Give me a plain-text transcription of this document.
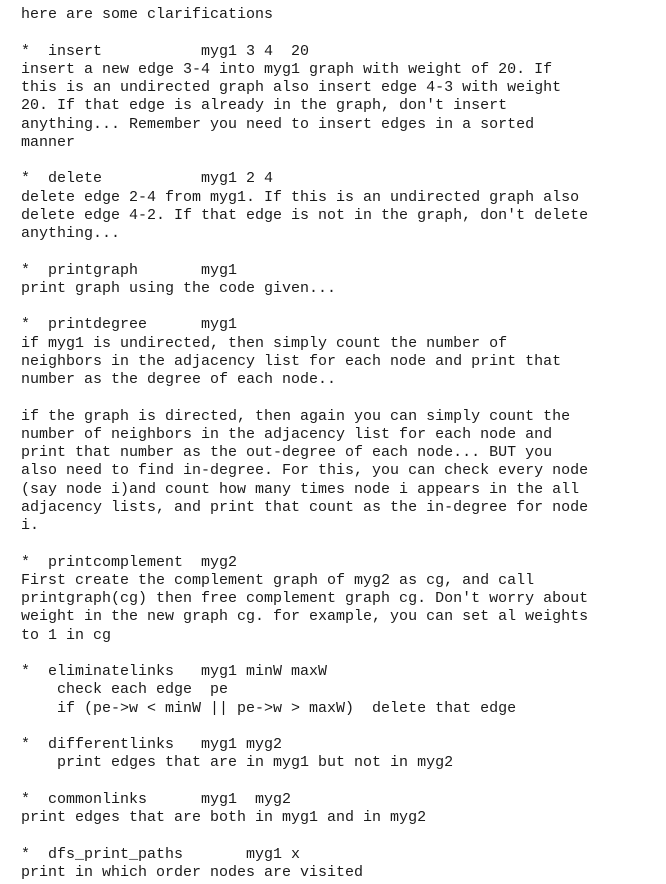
here are some clarifications
*  insert           myg1 3 4  20
insert a new edge 3-4 into myg1 graph with weight of 20. If
this is an undirected graph also insert edge 4-3 with weight
20. If that edge is already in the graph, don't insert
anything... Remember you need to insert edges in a sorted
manner
*  delete           myg1 2 4
delete edge 2-4 from myg1. If this is an undirected graph also
delete edge 4-2. If that edge is not in the graph, don't delete
anything...
*  printgraph       myg1
print graph using the code given...
*  printdegree      myg1
if myg1 is undirected, then simply count the number of
neighbors in the adjacency list for each node and print that
number as the degree of each node..
if the graph is directed, then again you can simply count the
number of neighbors in the adjacency list for each node and
print that number as the out-degree of each node... BUT you
also need to find in-degree. For this, you can check every node
(say node i)and count how many times node i appears in the all
adjacency lists, and print that count as the in-degree for node
i.
*  printcomplement  myg2
First create the complement graph of myg2 as cg, and call
printgraph(cg) then free complement graph cg. Don't worry about
weight in the new graph cg. for example, you can set al weights
to 1 in cg
*  eliminatelinks   myg1 minW maxW
check each edge  pe
if (pe->w < minW || pe->w > maxW)  delete that edge
*  differentlinks   myg1 myg2
print edges that are in myg1 but not in myg2
*  commonlinks      myg1  myg2
print edges that are both in myg1 and in myg2
*  dfs_print_paths       myg1 x
print in which order nodes are visited
